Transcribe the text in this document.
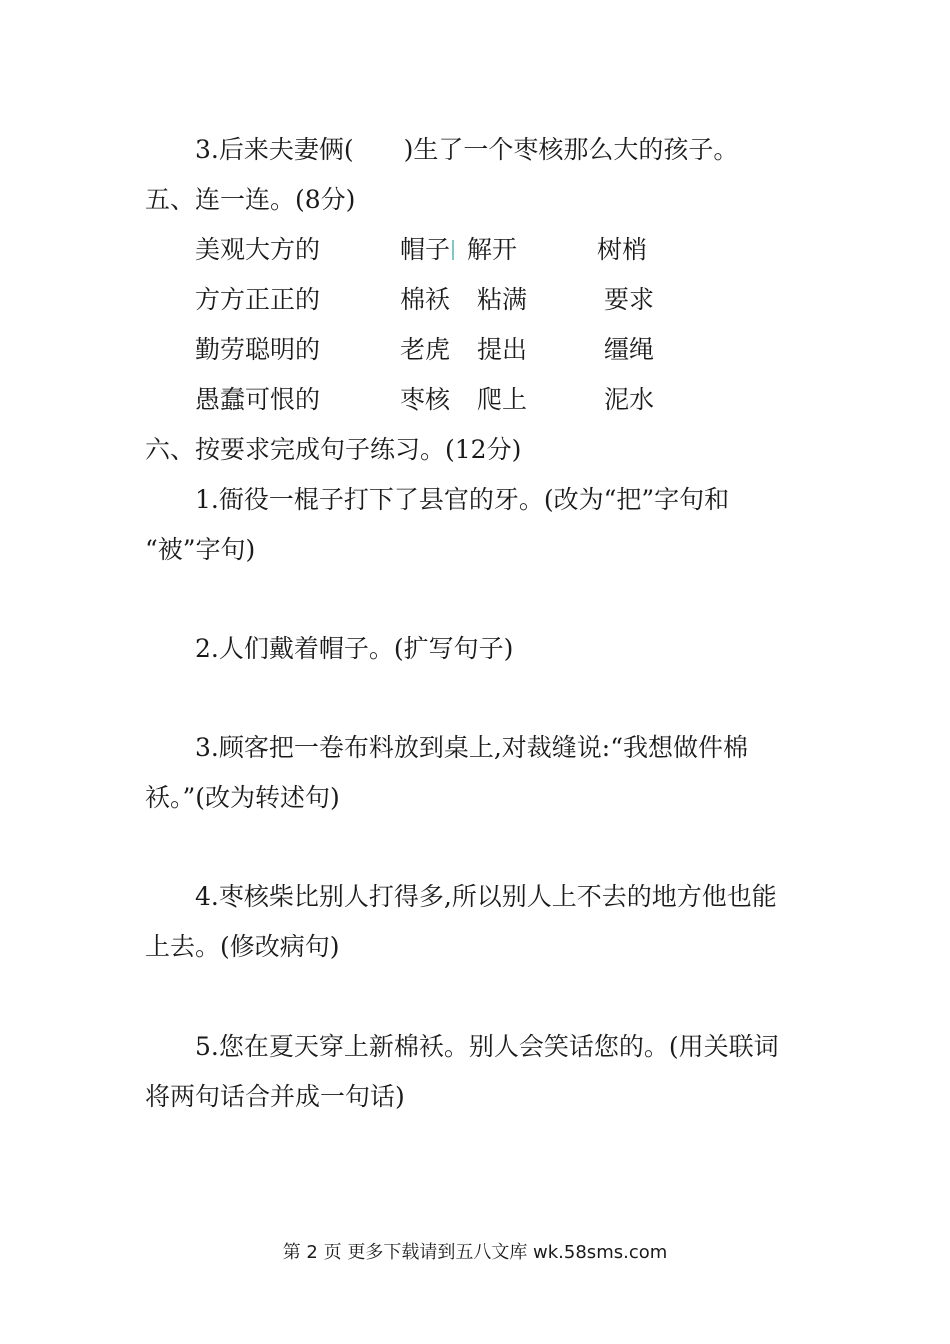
3.后来夫妻俩(　　)生了一个枣核那么大的孩子。
五、连一连。(8分)
美观大方的
方方正正的
勤劳聪明的
愚蠢可恨的
帽子
棉袄
老虎
枣核
解开
粘满
提出
爬上
树梢
要求
缰绳
泥水
六、按要求完成句子练习。(12分)
1.衙役一棍子打下了县官的牙。(改为“把”字句和
“被”字句)
2.人们戴着帽子。(扩写句子)
3.顾客把一卷布料放到桌上,对裁缝说:“我想做件棉
袄。”(改为转述句)
4.枣核柴比别人打得多,所以别人上不去的地方他也能
上去。(修改病句)
5.您在夏天穿上新棉袄。别人会笑话您的。(用关联词
将两句话合并成一句话)
第 2 页 更多下载请到五八文库 wk.58sms.com
